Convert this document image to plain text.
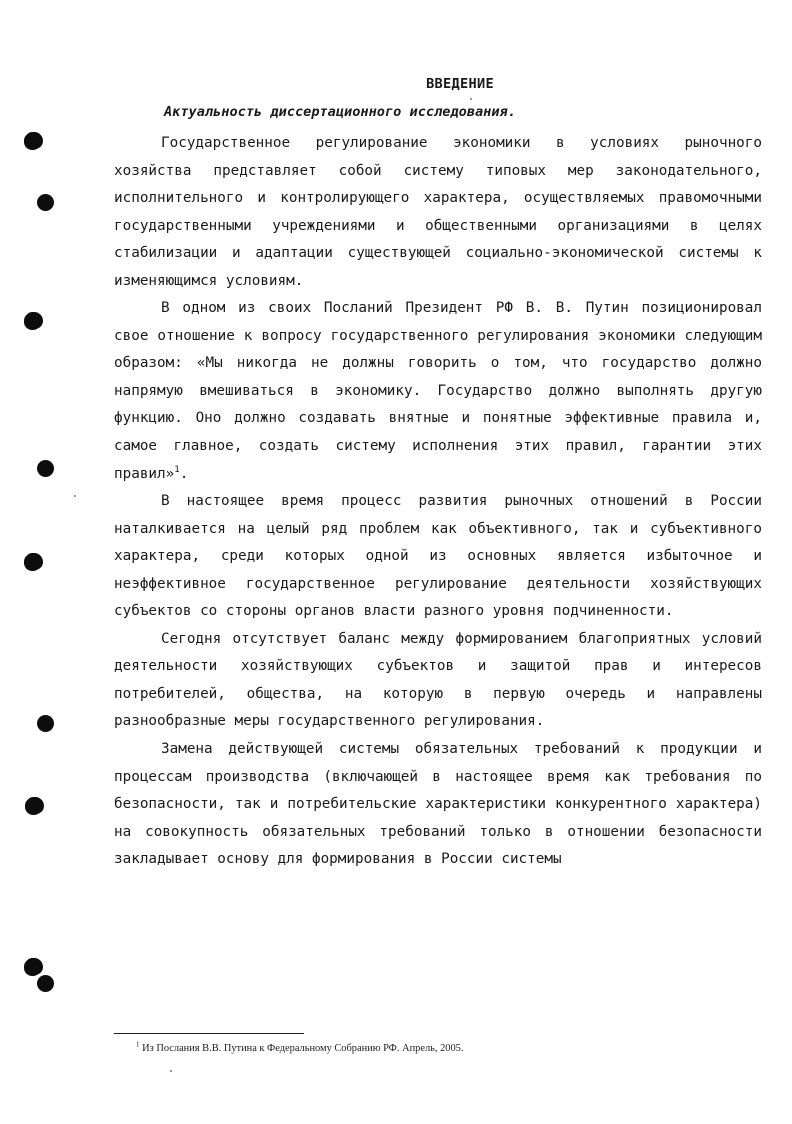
ВВЕДЕНИЕ
Актуальность диссертационного исследования.

Государственное регулирование экономики в условиях рыночного хозяйства представляет собой систему типовых мер законодательного, исполнительного и контролирующего характера, осуществляемых правомочными государственными учреждениями и общественными организациями в целях стабилизации и адаптации существующей социально-экономической системы к изменяющимся условиям.

В одном из своих Посланий Президент РФ В. В. Путин позиционировал свое отношение к вопросу государственного регулирования экономики следующим образом: «Мы никогда не должны говорить о том, что государство должно напрямую вмешиваться в экономику. Государство должно выполнять другую функцию. Оно должно создавать внятные и понятные эффективные правила и, самое главное, создать систему исполнения этих правил, гарантии этих правил»$^1$.

В настоящее время процесс развития рыночных отношений в России наталкивается на целый ряд проблем как объективного, так и субъективного характера, среди которых одной из основных является избыточное и неэффективное государственное регулирование деятельности хозяйствующих субъектов со стороны органов власти разного уровня подчиненности.

Сегодня отсутствует баланс между формированием благоприятных условий деятельности хозяйствующих субъектов и защитой прав и интересов потребителей, общества, на которую в первую очередь и направлены разнообразные меры государственного регулирования.

Замена действующей системы обязательных требований к продукции и процессам производства (включающей в настоящее время как требования по безопасности, так и потребительские характеристики конкурентного характера) на совокупность обязательных требований только в отношении безопасности закладывает основу для формирования в России системы

$^1$ Из Послания В.В. Путина к Федеральному Собранию РФ. Апрель, 2005.
